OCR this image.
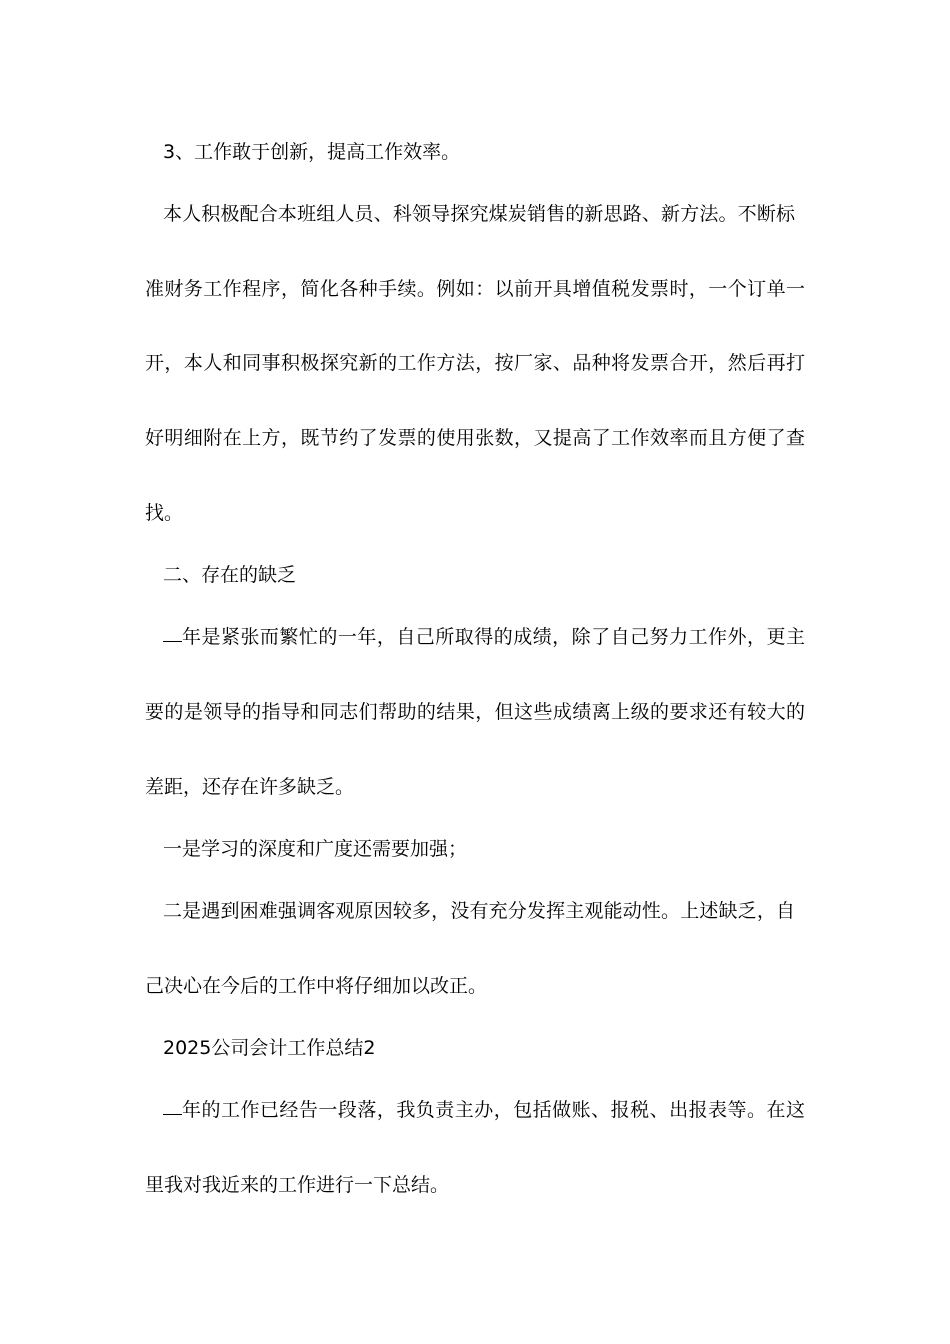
3、工作敢于创新，提高工作效率。
本人积极配合本班组人员、科领导探究煤炭销售的新思路、新方法。不断标
准财务工作程序，简化各种手续。例如：以前开具增值税发票时，一个订单一
开，本人和同事积极探究新的工作方法，按厂家、品种将发票合开，然后再打
好明细附在上方，既节约了发票的使用张数，又提高了工作效率而且方便了查
找。
二、存在的缺乏
年是紧张而繁忙的一年，自己所取得的成绩，除了自己努力工作外，更主
要的是领导的指导和同志们帮助的结果，但这些成绩离上级的要求还有较大的
差距，还存在许多缺乏。
一是学习的深度和广度还需要加强；
二是遇到困难强调客观原因较多，没有充分发挥主观能动性。上述缺乏，自
己决心在今后的工作中将仔细加以改正。
2025公司会计工作总结2
年的工作已经告一段落，我负责主办，包括做账、报税、出报表等。在这
里我对我近来的工作进行一下总结。
